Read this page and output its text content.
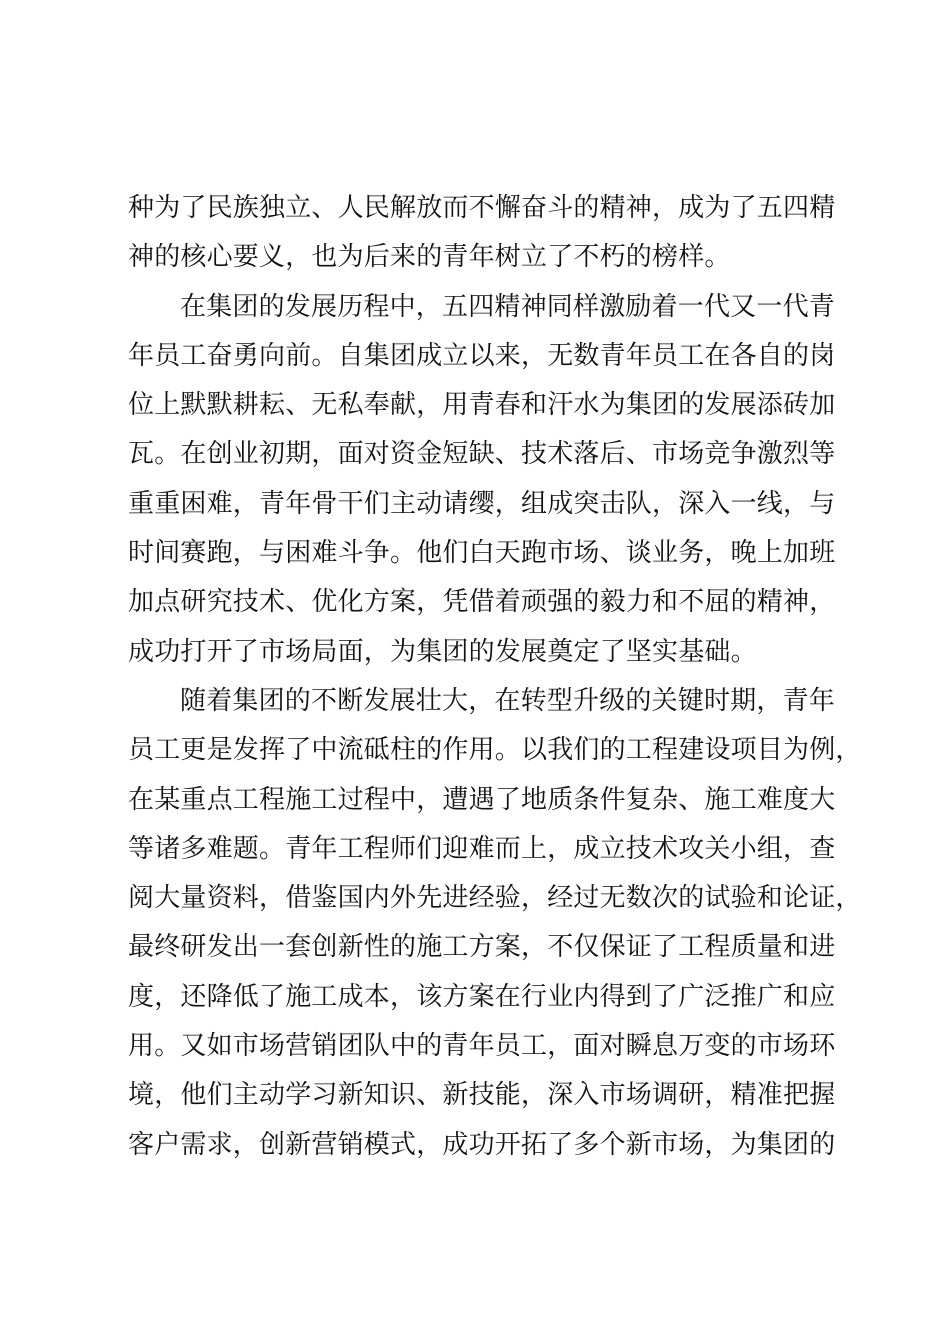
种为了民族独立、人民解放而不懈奋斗的精神，成为了五四精
神的核心要义，也为后来的青年树立了不朽的榜样。
在集团的发展历程中，五四精神同样激励着一代又一代青
年员工奋勇向前。自集团成立以来，无数青年员工在各自的岗
位上默默耕耘、无私奉献，用青春和汗水为集团的发展添砖加
瓦。在创业初期，面对资金短缺、技术落后、市场竞争激烈等
重重困难，青年骨干们主动请缨，组成突击队，深入一线，与
时间赛跑，与困难斗争。他们白天跑市场、谈业务，晚上加班
加点研究技术、优化方案，凭借着顽强的毅力和不屈的精神，
成功打开了市场局面，为集团的发展奠定了坚实基础。
随着集团的不断发展壮大，在转型升级的关键时期，青年
员工更是发挥了中流砥柱的作用。以我们的工程建设项目为例，
在某重点工程施工过程中，遭遇了地质条件复杂、施工难度大
等诸多难题。青年工程师们迎难而上，成立技术攻关小组，查
阅大量资料，借鉴国内外先进经验，经过无数次的试验和论证，
最终研发出一套创新性的施工方案，不仅保证了工程质量和进
度，还降低了施工成本，该方案在行业内得到了广泛推广和应
用。又如市场营销团队中的青年员工，面对瞬息万变的市场环
境，他们主动学习新知识、新技能，深入市场调研，精准把握
客户需求，创新营销模式，成功开拓了多个新市场，为集团的
